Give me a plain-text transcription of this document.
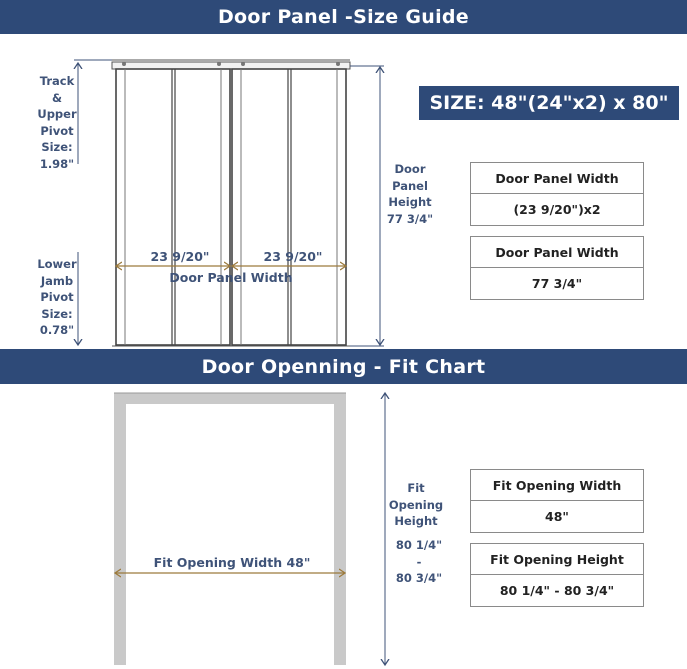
Door Panel -Size Guide
SIZE: 48"(24"x2) x 80"
Door Openning - Fit Chart
Track
&
Upper
Pivot
Size:
1.98"
Lower
Jamb
Pivot
Size:
0.78"
Door
Panel
Height
77 3/4"
23 9/20"	23 9/20"
Door Panel Width
Door Panel Width
(23 9/20")x2
Door Panel Width
77 3/4"
Fit
Opening
Height
80 1/4"
-
80 3/4"
Fit Opening Width 48"
Fit Opening Width
48"
Fit Opening Height
80 1/4" - 80 3/4"
